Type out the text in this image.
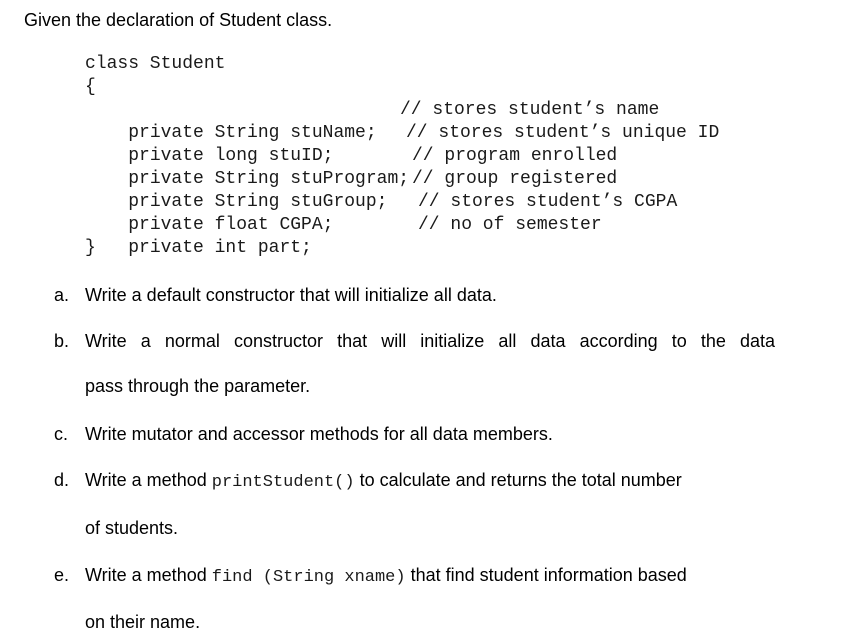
Given the declaration of Student class.
class Student
{

private String stuName;

// stores student’s name

private long stuID;

// stores student’s unique ID

private String stuProgram;

// program enrolled

private String stuGroup;

// group registered

private float CGPA;

// stores student’s CGPA

private int part;

// no of semester

}
a. Write a default constructor that will initialize all data.
b. Write a normal constructor that will initialize all data according to the data
pass through the parameter.
c. Write mutator and accessor methods for all data members.
d. Write a method printStudent() to calculate and returns the total number
of students.
e. Write a method find (String xname) that find student information based
on their name.
